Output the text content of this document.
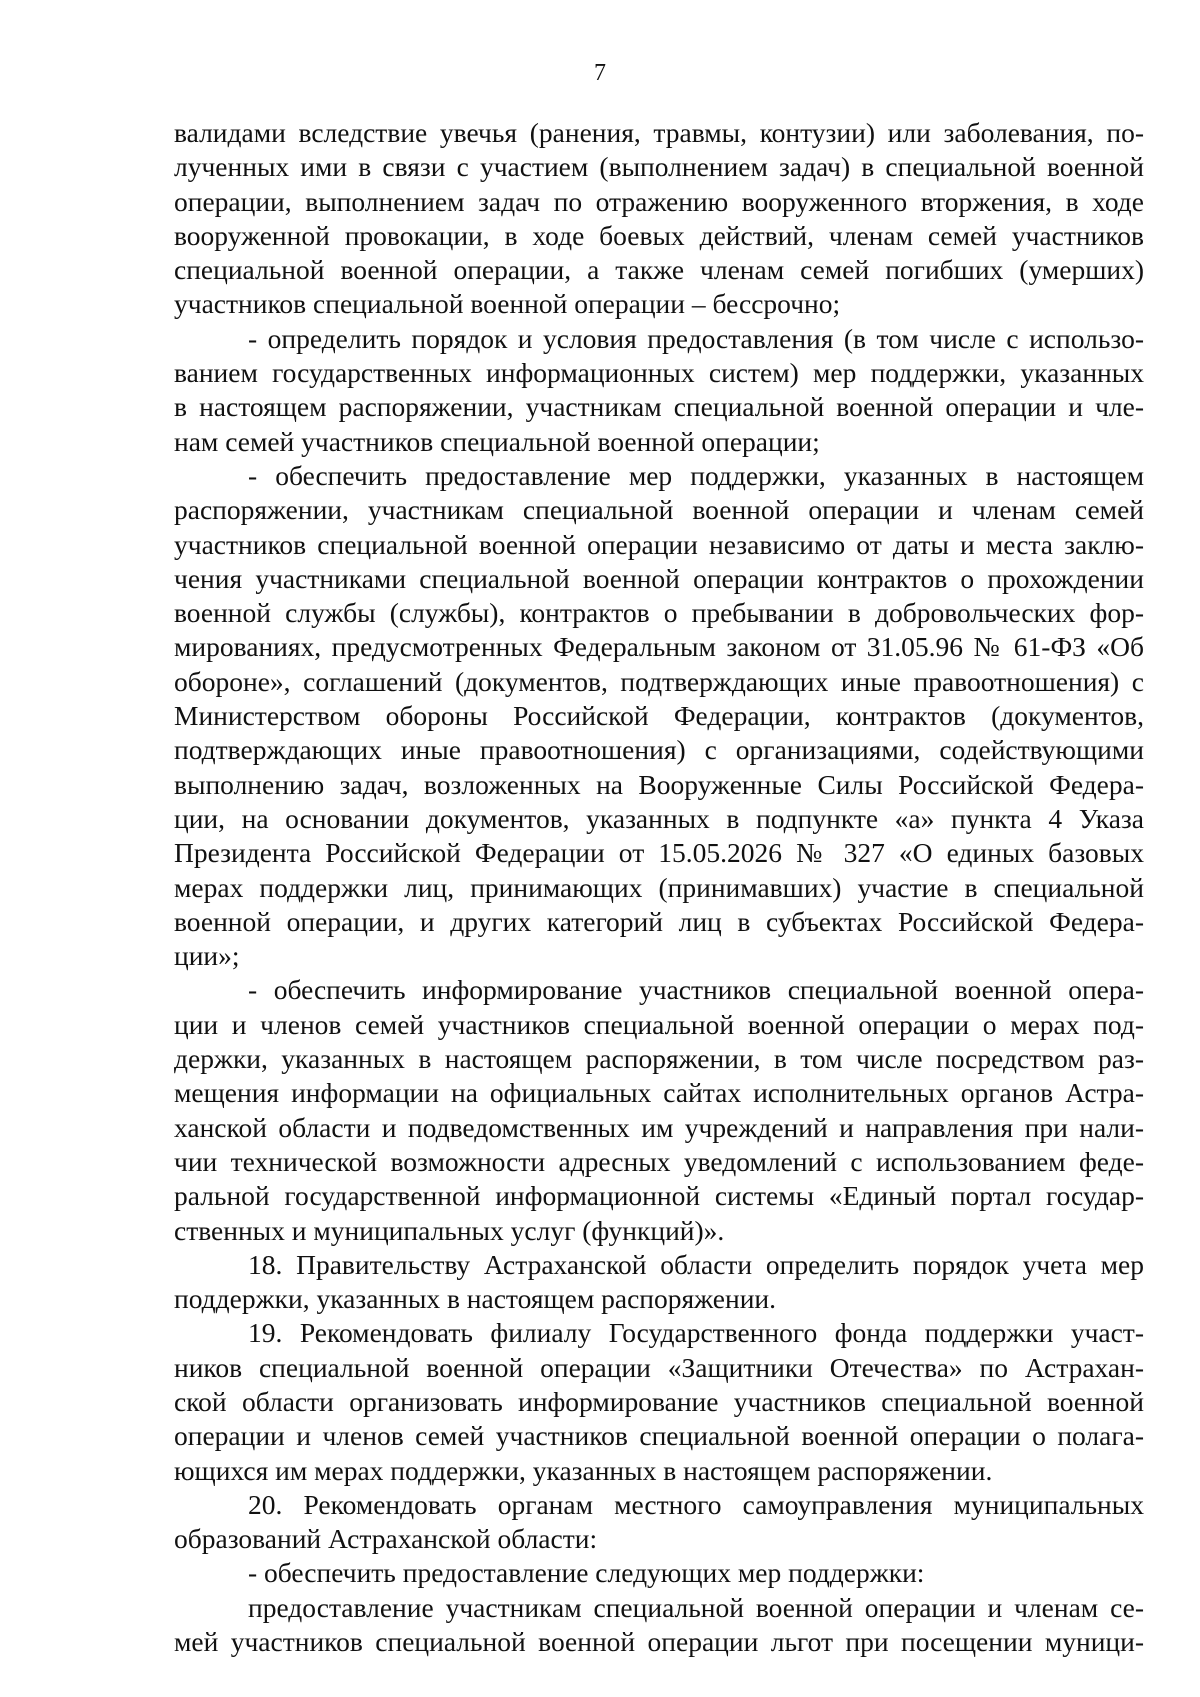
7
валидами вследствие увечья (ранения, травмы, контузии) или заболевания, по-
лученных ими в связи с участием (выполнением задач) в специальной военной
операции, выполнением задач по отражению вооруженного вторжения, в ходе
вооруженной провокации, в ходе боевых действий, членам семей участников
специальной военной операции, а также членам семей погибших (умерших)
участников специальной военной операции – бессрочно;
- определить порядок и условия предоставления (в том числе с использо-
ванием государственных информационных систем) мер поддержки, указанных
в настоящем распоряжении, участникам специальной военной операции и чле-
нам семей участников специальной военной операции;
- обеспечить предоставление мер поддержки, указанных в настоящем
распоряжении, участникам специальной военной операции и членам семей
участников специальной военной операции независимо от даты и места заклю-
чения участниками специальной военной операции контрактов о прохождении
военной службы (службы), контрактов о пребывании в добровольческих фор-
мированиях, предусмотренных Федеральным законом от 31.05.96 № 61-ФЗ «Об
обороне», соглашений (документов, подтверждающих иные правоотношения) с
Министерством обороны Российской Федерации, контрактов (документов,
подтверждающих иные правоотношения) с организациями, содействующими
выполнению задач, возложенных на Вооруженные Силы Российской Федера-
ции, на основании документов, указанных в подпункте «а» пункта 4 Указа
Президента Российской Федерации от 15.05.2026 № 327 «О единых базовых
мерах поддержки лиц, принимающих (принимавших) участие в специальной
военной операции, и других категорий лиц в субъектах Российской Федера-
ции»;
- обеспечить информирование участников специальной военной опера-
ции и членов семей участников специальной военной операции о мерах под-
держки, указанных в настоящем распоряжении, в том числе посредством раз-
мещения информации на официальных сайтах исполнительных органов Астра-
ханской области и подведомственных им учреждений и направления при нали-
чии технической возможности адресных уведомлений с использованием феде-
ральной государственной информационной системы «Единый портал государ-
ственных и муниципальных услуг (функций)».
18. Правительству Астраханской области определить порядок учета мер
поддержки, указанных в настоящем распоряжении.
19. Рекомендовать филиалу Государственного фонда поддержки участ-
ников специальной военной операции «Защитники Отечества» по Астрахан-
ской области организовать информирование участников специальной военной
операции и членов семей участников специальной военной операции о полага-
ющихся им мерах поддержки, указанных в настоящем распоряжении.
20. Рекомендовать органам местного самоуправления муниципальных
образований Астраханской области:
- обеспечить предоставление следующих мер поддержки:
предоставление участникам специальной военной операции и членам се-
мей участников специальной военной операции льгот при посещении муници-
